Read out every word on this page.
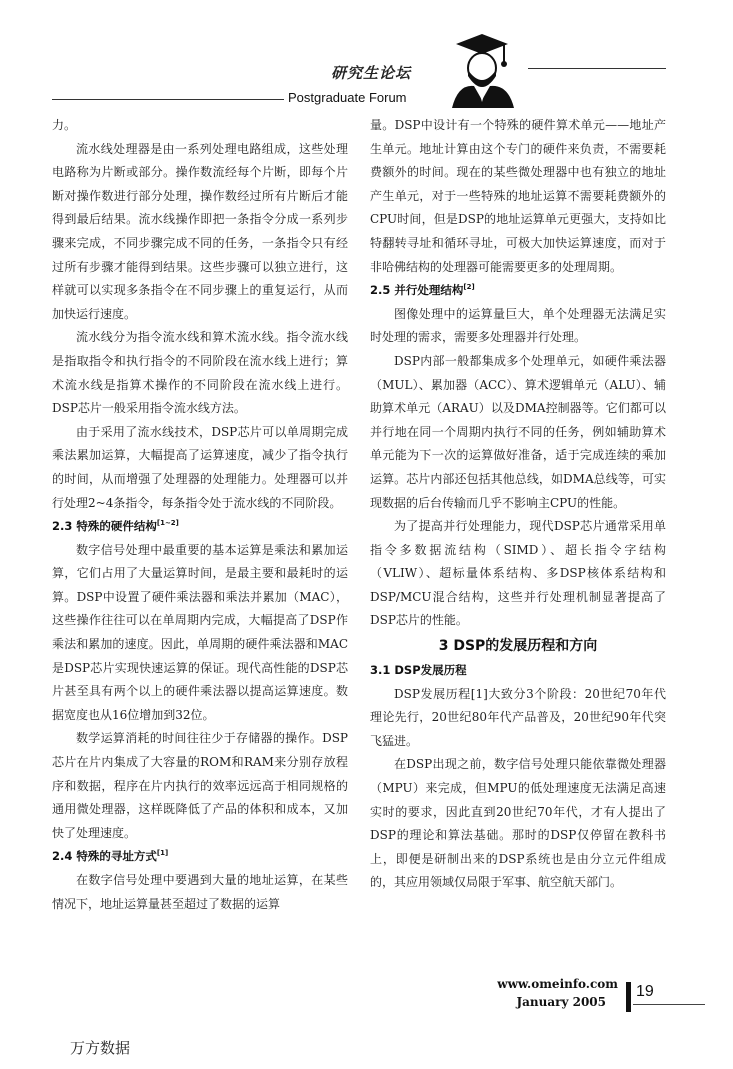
研究生论坛
Postgraduate Forum

力。

流水线处理器是由一系列处理电路组成，这些处理电路称为片断或部分。操作数流经每个片断，即每个片断对操作数进行部分处理，操作数经过所有片断后才能得到最后结果。流水线操作即把一条指令分成一系列步骤来完成，不同步骤完成不同的任务，一条指令只有经过所有步骤才能得到结果。这些步骤可以独立进行，这样就可以实现多条指令在不同步骤上的重复运行，从而加快运行速度。

流水线分为指令流水线和算术流水线。指令流水线是指取指令和执行指令的不同阶段在流水线上进行；算术流水线是指算术操作的不同阶段在流水线上进行。DSP芯片一般采用指令流水线方法。

由于采用了流水线技术，DSP芯片可以单周期完成乘法累加运算，大幅提高了运算速度，减少了指令执行的时间，从而增强了处理器的处理能力。处理器可以并行处理2~4条指令，每条指令处于流水线的不同阶段。

2.3 特殊的硬件结构[1~2]

数字信号处理中最重要的基本运算是乘法和累加运算，它们占用了大量运算时间，是最主要和最耗时的运算。DSP中设置了硬件乘法器和乘法并累加（MAC），这些操作往往可以在单周期内完成，大幅提高了DSP作乘法和累加的速度。因此，单周期的硬件乘法器和MAC是DSP芯片实现快速运算的保证。现代高性能的DSP芯片甚至具有两个以上的硬件乘法器以提高运算速度。数据宽度也从16位增加到32位。

数学运算消耗的时间往往少于存储器的操作。DSP芯片在片内集成了大容量的ROM和RAM来分别存放程序和数据，程序在片内执行的效率远远高于相同规格的通用微处理器，这样既降低了产品的体积和成本，又加快了处理速度。

2.4 特殊的寻址方式[1]

在数字信号处理中要遇到大量的地址运算，在某些情况下，地址运算量甚至超过了数据的运算

量。DSP中设计有一个特殊的硬件算术单元——地址产生单元。地址计算由这个专门的硬件来负责，不需要耗费额外的时间。现在的某些微处理器中也有独立的地址产生单元，对于一些特殊的地址运算不需要耗费额外的CPU时间，但是DSP的地址运算单元更强大，支持如比特翻转寻址和循环寻址，可极大加快运算速度，而对于非哈佛结构的处理器可能需要更多的处理周期。

2.5 并行处理结构[2]

图像处理中的运算量巨大，单个处理器无法满足实时处理的需求，需要多处理器并行处理。

DSP内部一般都集成多个处理单元，如硬件乘法器（MUL）、累加器（ACC）、算术逻辑单元（ALU）、辅助算术单元（ARAU）以及DMA控制器等。它们都可以并行地在同一个周期内执行不同的任务，例如辅助算术单元能为下一次的运算做好准备，适于完成连续的乘加运算。芯片内部还包括其他总线，如DMA总线等，可实现数据的后台传输而几乎不影响主CPU的性能。

为了提高并行处理能力，现代DSP芯片通常采用单指令多数据流结构（SIMD）、超长指令字结构（VLIW）、超标量体系结构、多DSP核体系结构和DSP/MCU混合结构，这些并行处理机制显著提高了DSP芯片的性能。

3 DSP的发展历程和方向
3.1 DSP发展历程

DSP发展历程[1]大致分3个阶段：20世纪70年代理论先行，20世纪80年代产品普及，20世纪90年代突飞猛进。

在DSP出现之前，数字信号处理只能依靠微处理器（MPU）来完成，但MPU的低处理速度无法满足高速实时的要求，因此直到20世纪70年代，才有人提出了DSP的理论和算法基础。那时的DSP仅停留在教科书上，即便是研制出来的DSP系统也是由分立元件组成的，其应用领域仅局限于军事、航空航天部门。

www.omeinfo.com
January 2005
19
万方数据
